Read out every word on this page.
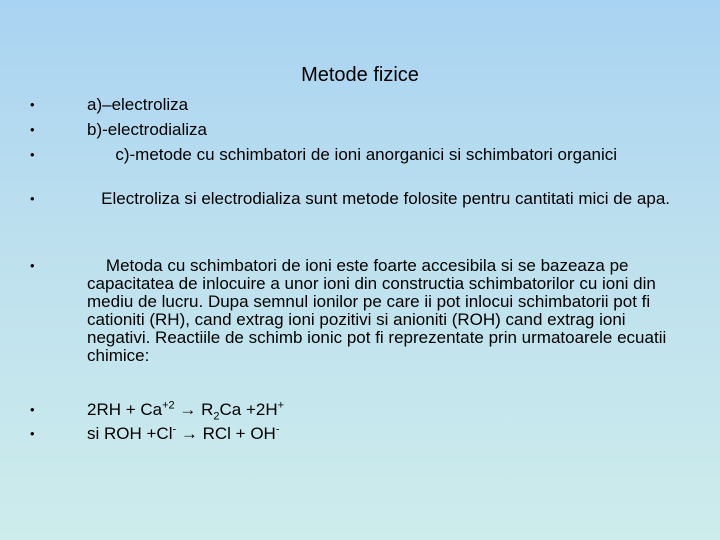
Metode fizice
•	a)–electroliza
•	b)-electrodializa
•	c)-metode cu schimbatori de ioni anorganici si schimbatori organici
•	Electroliza si electrodializa sunt metode folosite pentru cantitati mici de apa.
•	Metoda cu schimbatori de ioni este foarte accesibila si se bazeaza pe capacitatea de inlocuire a unor ioni din constructia schimbatorilor cu ioni din mediu de lucru. Dupa semnul ionilor pe care ii pot inlocui schimbatorii pot fi cationiti (RH), cand extrag ioni pozitivi si anioniti (ROH) cand extrag ioni negativi. Reactiile de schimb ionic pot fi reprezentate prin urmatoarele ecuatii chimice:
•	$2RH + Ca^{+2} \to R_2Ca +2H^+$
•	si ROH +Cl- → RCl + OH-
